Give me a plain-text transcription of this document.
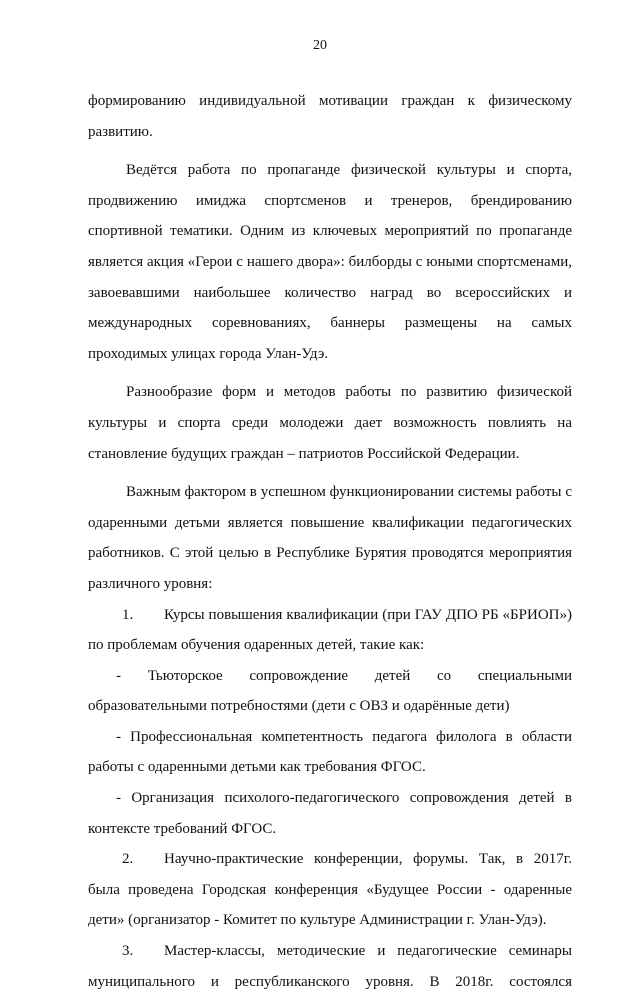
20

формированию индивидуальной мотивации граждан к физическому развитию.

Ведётся работа по пропаганде физической культуры и спорта, продвижению имиджа спортсменов и тренеров, брендированию спортивной тематики. Одним из ключевых мероприятий по пропаганде является акция «Герои с нашего двора»: билборды с юными спортсменами, завоевавшими наибольшее количество наград во всероссийских и международных соревнованиях, баннеры размещены на самых проходимых улицах города Улан-Удэ.

Разнообразие форм и методов работы по развитию физической культуры и спорта среди молодежи дает возможность повлиять на становление будущих граждан – патриотов Российской Федерации.

Важным фактором в успешном функционировании системы работы с одаренными детьми является повышение квалификации педагогических работников. С этой целью в Республике Бурятия проводятся мероприятия различного уровня:

1. Курсы повышения квалификации (при ГАУ ДПО РБ «БРИОП») по проблемам обучения одаренных детей, такие как:

- Тьюторское сопровождение детей со специальными образовательными потребностями (дети с ОВЗ и одарённые дети)

- Профессиональная компетентность педагога филолога в области работы с одаренными детьми как требования ФГОС.

- Организация психолого-педагогического сопровождения детей в контексте требований ФГОС.

2. Научно-практические конференции, форумы. Так, в 2017г. была проведена Городская конференция «Будущее России - одаренные дети» (организатор - Комитет по культуре Администрации г. Улан-Удэ).

3. Мастер-классы, методические и педагогические семинары муниципального и республиканского уровня. В 2018г. состоялся
